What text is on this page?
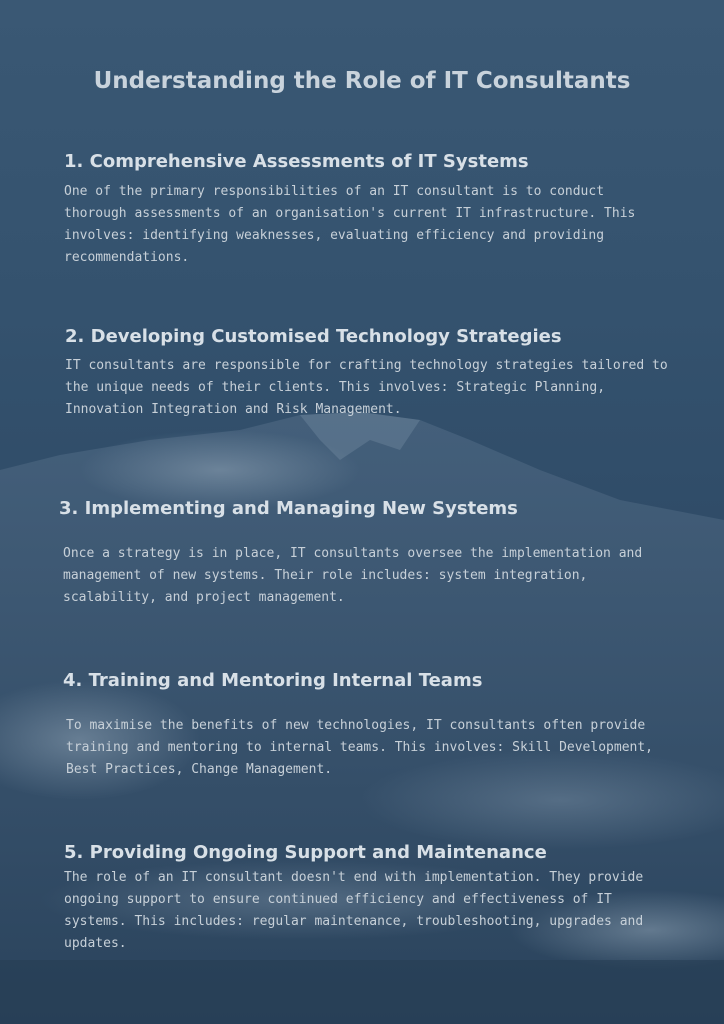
Understanding the Role of IT Consultants
1. Comprehensive Assessments of IT Systems

One of the primary responsibilities of an IT consultant is to conduct thorough assessments of an organisation's current IT infrastructure. This involves: identifying weaknesses, evaluating efficiency and providing recommendations.

2. Developing Customised Technology Strategies

IT consultants are responsible for crafting technology strategies tailored to the unique needs of their clients. This involves: Strategic Planning, Innovation Integration and Risk Management.

3. Implementing and Managing New Systems

Once a strategy is in place, IT consultants oversee the implementation and management of new systems. Their role includes: system integration, scalability, and project management.

4. Training and Mentoring Internal Teams

To maximise the benefits of new technologies, IT consultants often provide training and mentoring to internal teams. This involves: Skill Development, Best Practices, Change Management.

5. Providing Ongoing Support and Maintenance

The role of an IT consultant doesn't end with implementation. They provide ongoing support to ensure continued efficiency and effectiveness of IT systems. This includes: regular maintenance, troubleshooting, upgrades and updates.
